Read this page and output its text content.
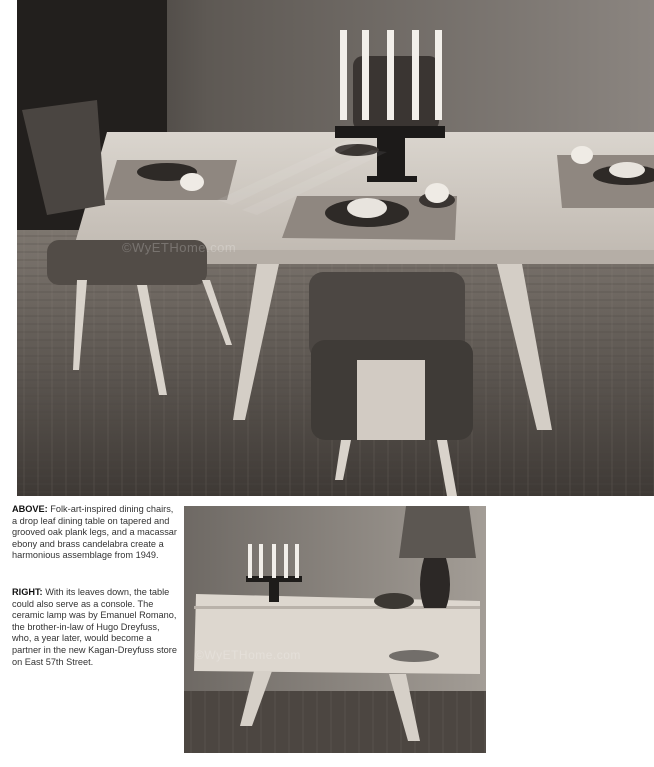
©WyETHome.com
ABOVE: Folk-art-inspired dining chairs, a drop leaf dining table on tapered and grooved oak plank legs, and a macassar ebony and brass candelabra create a harmonious assemblage from 1949.
RIGHT: With its leaves down, the table could also serve as a console. The ceramic lamp was by Emanuel Romano, the brother-in-law of Hugo Dreyfuss, who, a year later, would become a partner in the new Kagan-Dreyfuss store on East 57th Street.	©WyETHome.com
